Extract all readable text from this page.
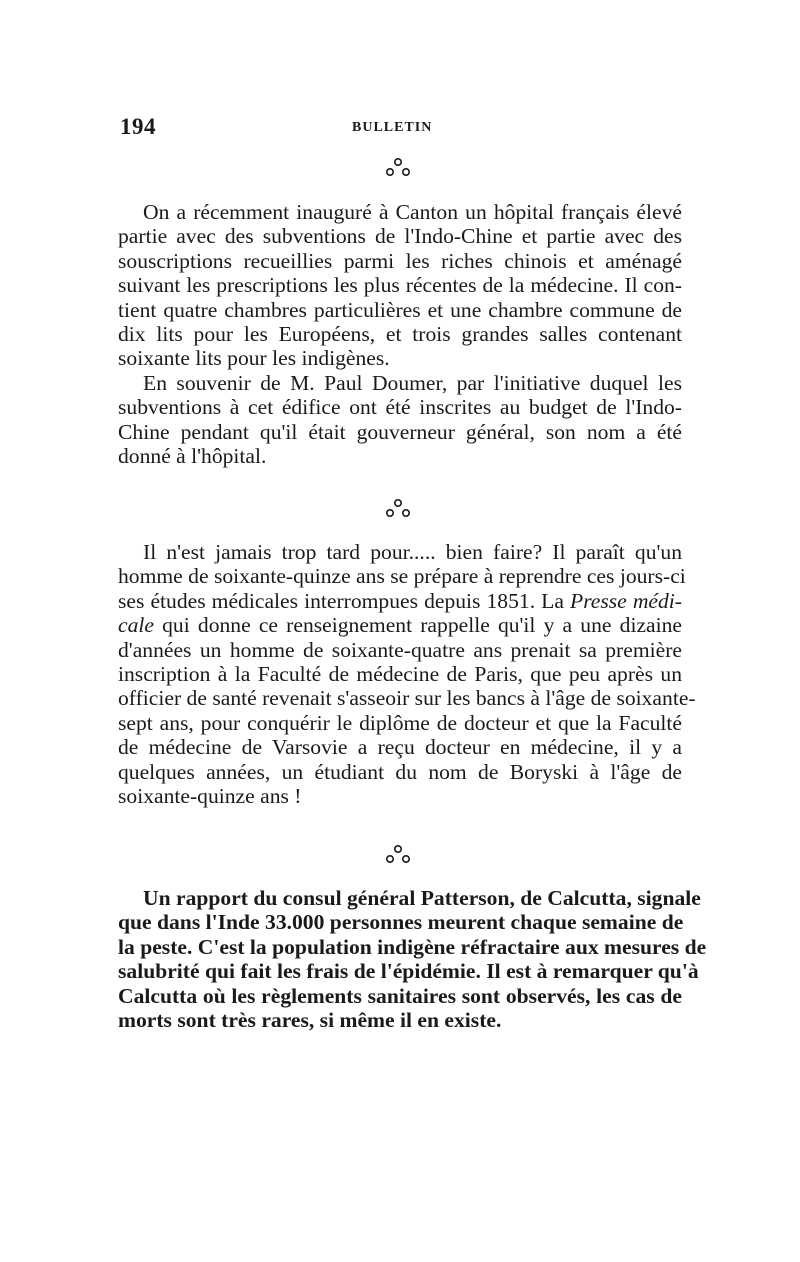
194	BULLETIN

On a récemment inauguré à Canton un hôpital français élevé
partie avec des subventions de l'Indo-Chine et partie avec des
souscriptions recueillies parmi les riches chinois et aménagé
suivant les prescriptions les plus récentes de la médecine. Il con-
tient quatre chambres particulières et une chambre commune de
dix lits pour les Européens, et trois grandes salles contenant
soixante lits pour les indigènes.
En souvenir de M. Paul Doumer, par l'initiative duquel les
subventions à cet édifice ont été inscrites au budget de l'Indo-
Chine pendant qu'il était gouverneur général, son nom a été
donné à l'hôpital.

Il n'est jamais trop tard pour..... bien faire? Il paraît qu'un
homme de soixante-quinze ans se prépare à reprendre ces jours-ci
ses études médicales interrompues depuis 1851. La Presse médi-
cale qui donne ce renseignement rappelle qu'il y a une dizaine
d'années un homme de soixante-quatre ans prenait sa première
inscription à la Faculté de médecine de Paris, que peu après un
officier de santé revenait s'asseoir sur les bancs à l'âge de soixante-
sept ans, pour conquérir le diplôme de docteur et que la Faculté
de médecine de Varsovie a reçu docteur en médecine, il y a
quelques années, un étudiant du nom de Boryski à l'âge de
soixante-quinze ans !

Un rapport du consul général Patterson, de Calcutta, signale
que dans l'Inde 33.000 personnes meurent chaque semaine de
la peste. C'est la population indigène réfractaire aux mesures de
salubrité qui fait les frais de l'épidémie. Il est à remarquer qu'à
Calcutta où les règlements sanitaires sont observés, les cas de
morts sont très rares, si même il en existe.
